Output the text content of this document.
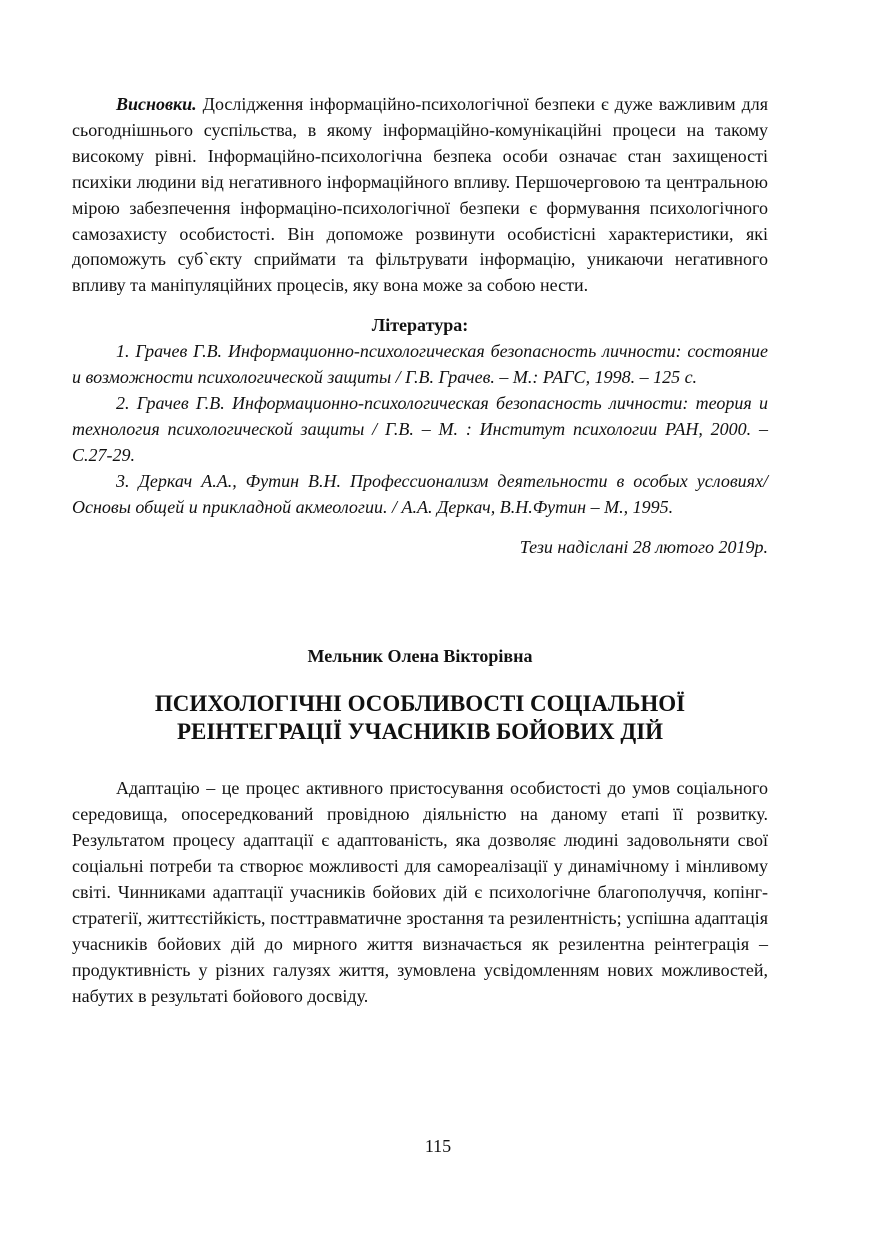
Висновки. Дослідження інформаційно-психологічної безпеки є дуже важливим для сьогоднішнього суспільства, в якому інформаційно-комунікаційні процеси на такому високому рівні. Інформаційно-психологічна безпека особи означає стан захищеності психіки людини від негативного інформаційного впливу. Першочерговою та центральною мірою забезпечення інформаціно-психологічної безпеки є формування психологічного самозахисту особистості. Він допоможе розвинути особистісні характеристики, які допоможуть суб`єкту сприймати та фільтрувати інформацію, уникаючи негативного впливу та маніпуляційних процесів, яку вона може за собою нести.

Література:
1. Грачев Г.В. Информационно-психологическая безопасность личности: состояние и возможности психологической защиты / Г.В. Грачев. – М.: РАГС, 1998. – 125 с.
2. Грачев Г.В. Информационно-психологическая безопасность личности: теория и технология психологической защиты / Г.В. – М. : Институт психологии РАН, 2000. – С.27-29.
3. Деркач А.А., Футин В.Н. Профессионализм деятельности в особых условиях/Основы общей и прикладной акмеологии. / А.А. Деркач, В.Н.Футин – М., 1995.
Тези надіслані 28 лютого 2019р.
Мельник Олена Вікторівна
ПСИХОЛОГІЧНІ ОСОБЛИВОСТІ СОЦІАЛЬНОЇ РЕІНТЕГРАЦІЇ УЧАСНИКІВ БОЙОВИХ ДІЙ

Адаптацію – це процес активного пристосування особистості до умов соціального середовища, опосередкований провідною діяльністю на даному етапі її розвитку. Результатом процесу адаптації є адаптованість, яка дозволяє людині задовольняти свої соціальні потреби та створює можливості для самореалізації у динамічному і мінливому світі. Чинниками адаптації учасників бойових дій є психологічне благополуччя, копінг-стратегії, життєстійкість, посттравматичне зростання та резилентність; успішна адаптація учасників бойових дій до мирного життя визначається як резилентна реінтеграція – продуктивність у різних галузях життя, зумовлена усвідомленням нових можливостей, набутих в результаті бойового досвіду.

115
